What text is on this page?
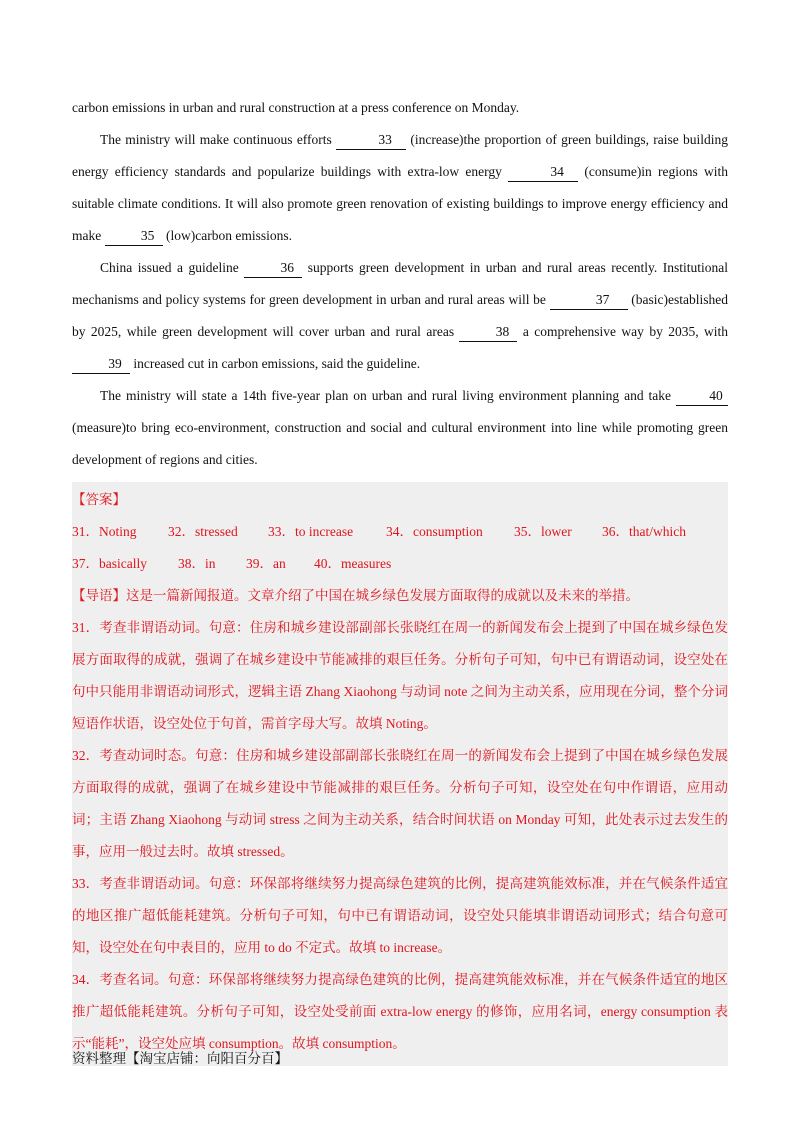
carbon emissions in urban and rural construction at a press conference on Monday.

The ministry will make continuous efforts	33 (increase)the proportion of green buildings, raise building energy efficiency standards and popularize buildings with extra-low energy	34 (consume)in regions with suitable climate conditions. It will also promote green renovation of existing buildings to improve energy efficiency and make	35 (low)carbon emissions.

China issued a guideline	36 supports green development in urban and rural areas recently. Institutional mechanisms and policy systems for green development in urban and rural areas will be	37 (basic)established by 2025, while green development will cover urban and rural areas	38 a comprehensive way by 2035, with 39 increased cut in carbon emissions, said the guideline.

The ministry will state a 14th five-year plan on urban and rural living environment planning and take 40 (measure)to bring eco-environment, construction and social and cultural environment into line while promoting green development of regions and cities.

【答案】
31．Noting	32．stressed	33．to increase	34．consumption	35．lower	36．that/which
37．basically	38．in	39．an	40．measures

【导语】这是一篇新闻报道。文章介绍了中国在城乡绿色发展方面取得的成就以及未来的举措。

31．考查非谓语动词。句意：住房和城乡建设部副部长张晓红在周一的新闻发布会上提到了中国在城乡绿色发展方面取得的成就，强调了在城乡建设中节能减排的艰巨任务。分析句子可知，句中已有谓语动词，设空处在句中只能用非谓语动词形式，逻辑主语 Zhang Xiaohong 与动词 note 之间为主动关系，应用现在分词，整个分词短语作状语，设空处位于句首，需首字母大写。故填 Noting。

32．考查动词时态。句意：住房和城乡建设部副部长张晓红在周一的新闻发布会上提到了中国在城乡绿色发展方面取得的成就，强调了在城乡建设中节能减排的艰巨任务。分析句子可知，设空处在句中作谓语，应用动词；主语 Zhang Xiaohong 与动词 stress 之间为主动关系，结合时间状语 on Monday 可知，此处表示过去发生的事，应用一般过去时。故填 stressed。

33．考查非谓语动词。句意：环保部将继续努力提高绿色建筑的比例，提高建筑能效标准，并在气候条件适宜的地区推广超低能耗建筑。分析句子可知，句中已有谓语动词，设空处只能填非谓语动词形式；结合句意可知，设空处在句中表目的，应用 to do 不定式。故填 to increase。

34．考查名词。句意：环保部将继续努力提高绿色建筑的比例，提高建筑能效标准，并在气候条件适宜的地区推广超低能耗建筑。分析句子可知，设空处受前面 extra-low energy 的修饰，应用名词，energy consumption 表示“能耗”，设空处应填 consumption。故填 consumption。

资料整理【淘宝店铺：向阳百分百】
